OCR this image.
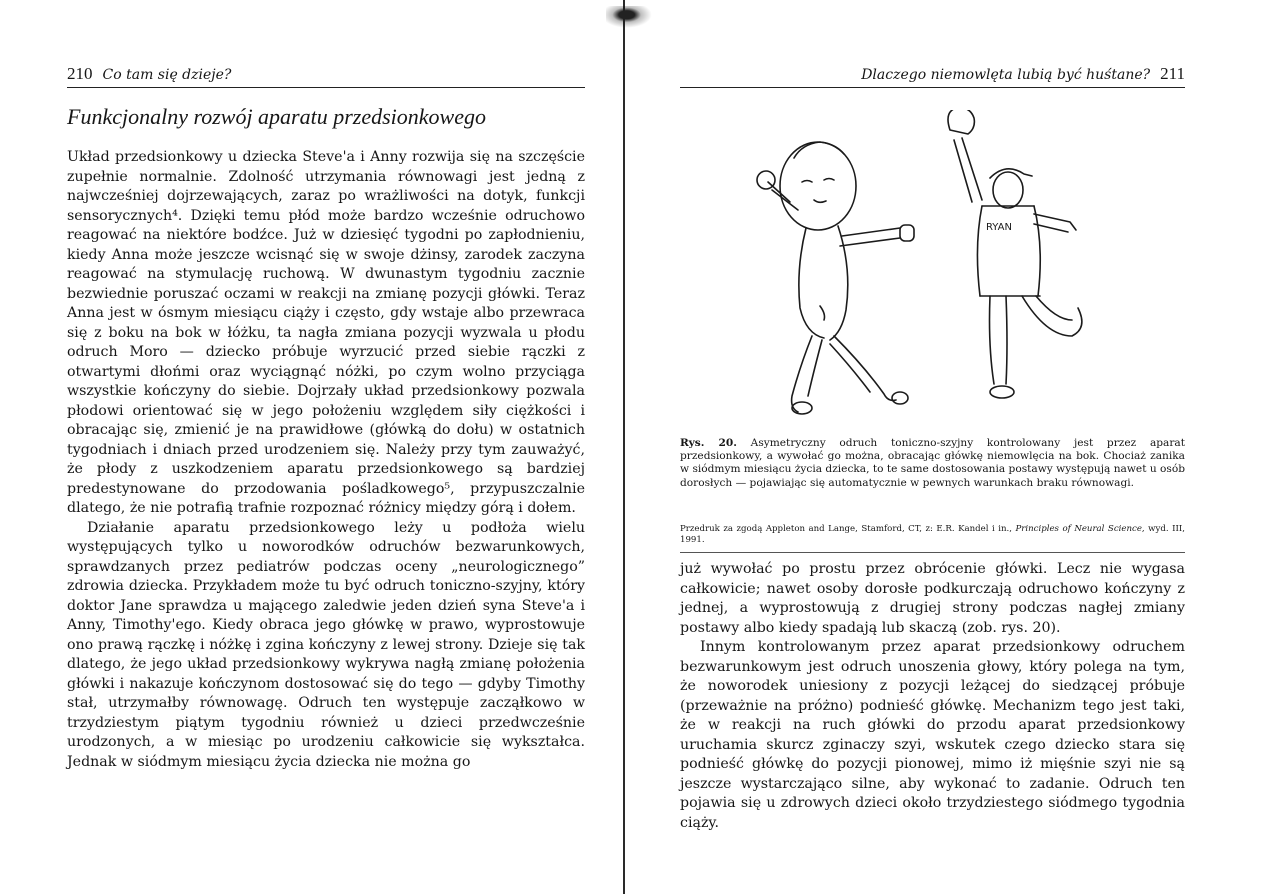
210 Co tam się dzieje?
Funkcjonalny rozwój aparatu przedsionkowego

Układ przedsionkowy u dziecka Steve'a i Anny rozwija się na szczęście zupełnie normalnie. Zdolność utrzymania równowagi jest jedną z najwcześniej dojrzewających, zaraz po wrażliwości na dotyk, funkcji sensorycznych⁴. Dzięki temu płód może bardzo wcześnie odruchowo reagować na niektóre bodźce. Już w dziesięć tygodni po zapłodnieniu, kiedy Anna może jeszcze wcisnąć się w swoje dżinsy, zarodek zaczyna reagować na stymulację ruchową. W dwunastym tygodniu zacznie bezwiednie poruszać oczami w reakcji na zmianę pozycji główki. Teraz Anna jest w ósmym miesiącu ciąży i często, gdy wstaje albo przewraca się z boku na bok w łóżku, ta nagła zmiana pozycji wyzwala u płodu odruch Moro — dziecko próbuje wyrzucić przed siebie rączki z otwartymi dłońmi oraz wyciągnąć nóżki, po czym wolno przyciąga wszystkie kończyny do siebie. Dojrzały układ przedsionkowy pozwala płodowi orientować się w jego położeniu względem siły ciężkości i obracając się, zmienić je na prawidłowe (główką do dołu) w ostatnich tygodniach i dniach przed urodzeniem się. Należy przy tym zauważyć, że płody z uszkodzeniem aparatu przedsionkowego są bardziej predestynowane do przodowania pośladkowego⁵, przypuszczalnie dlatego, że nie potrafią trafnie rozpoznać różnicy między górą i dołem.

Działanie aparatu przedsionkowego leży u podłoża wielu występujących tylko u noworodków odruchów bezwarunkowych, sprawdzanych przez pediatrów podczas oceny „neurologicznego” zdrowia dziecka. Przykładem może tu być odruch toniczno-szyjny, który doktor Jane sprawdza u mającego zaledwie jeden dzień syna Steve'a i Anny, Timothy'ego. Kiedy obraca jego główkę w prawo, wyprostowuje ono prawą rączkę i nóżkę i zgina kończyny z lewej strony. Dzieje się tak dlatego, że jego układ przedsionkowy wykrywa nagłą zmianę położenia główki i nakazuje kończynom dostosować się do tego — gdyby Timothy stał, utrzymałby równowagę. Odruch ten występuje zacząłkowo w trzydziestym piątym tygodniu również u dzieci przedwcześnie urodzonych, a w miesiąc po urodzeniu całkowicie się wykształca. Jednak w siódmym miesiącu życia dziecka nie można go

Dlaczego niemowlęta lubią być huśtane? 211
RYAN
Rys. 20. Asymetryczny odruch toniczno-szyjny kontrolowany jest przez aparat przedsionkowy, a wywołać go można, obracając główkę niemowlęcia na bok. Chociaż zanika w siódmym miesiącu życia dziecka, to te same dostosowania postawy występują nawet u osób dorosłych — pojawiając się automatycznie w pewnych warunkach braku równowagi.
Przedruk za zgodą Appleton and Lange, Stamford, CT, z: E.R. Kandel i in., Principles of Neural Science, wyd. III, 1991.

już wywołać po prostu przez obrócenie główki. Lecz nie wygasa całkowicie; nawet osoby dorosłe podkurczają odruchowo kończyny z jednej, a wyprostowują z drugiej strony podczas nagłej zmiany postawy albo kiedy spadają lub skaczą (zob. rys. 20).

Innym kontrolowanym przez aparat przedsionkowy odruchem bezwarunkowym jest odruch unoszenia głowy, który polega na tym, że noworodek uniesiony z pozycji leżącej do siedzącej próbuje (przeważnie na próżno) podnieść główkę. Mechanizm tego jest taki, że w reakcji na ruch główki do przodu aparat przedsionkowy uruchamia skurcz zginaczy szyi, wskutek czego dziecko stara się podnieść główkę do pozycji pionowej, mimo iż mięśnie szyi nie są jeszcze wystarczająco silne, aby wykonać to zadanie. Odruch ten pojawia się u zdrowych dzieci około trzydziestego siódmego tygodnia ciąży.
